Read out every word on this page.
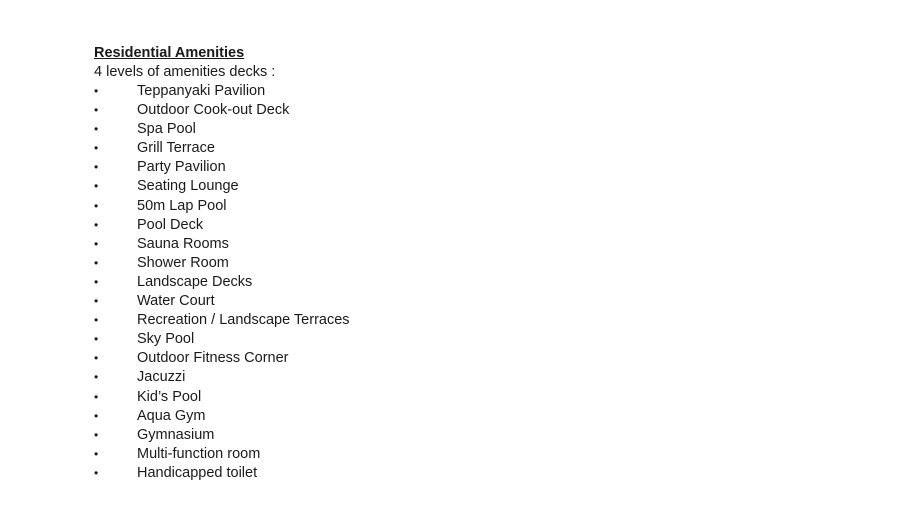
Residential Amenities

4 levels of amenities decks :

•	Teppanyaki Pavilion
•	Outdoor Cook-out Deck
•	Spa Pool
•	Grill Terrace
•	Party Pavilion
•	Seating Lounge
•	50m Lap Pool
•	Pool Deck
•	Sauna Rooms
•	Shower Room
•	Landscape Decks
•	Water Court
•	Recreation / Landscape Terraces
•	Sky Pool
•	Outdoor Fitness Corner
•	Jacuzzi
•	Kid’s Pool
•	Aqua Gym
•	Gymnasium
•	Multi-function room
•	Handicapped toilet
